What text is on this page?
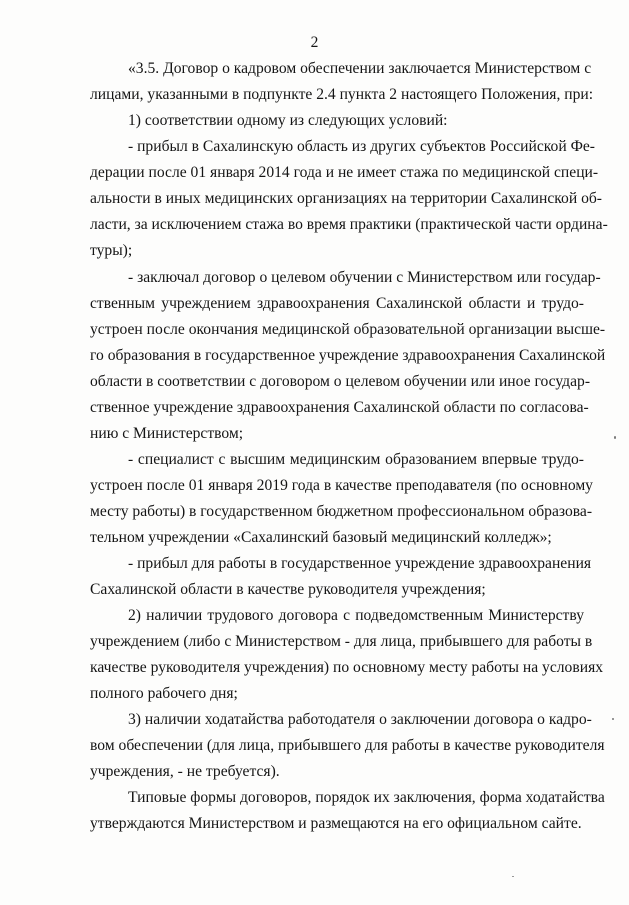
2
«3.5. Договор о кадровом обеспечении заключается Министерством с
лицами, указанными в подпункте 2.4 пункта 2 настоящего Положения, при:
1) соответствии одному из следующих условий:
- прибыл в Сахалинскую область из других субъектов Российской Фе-
дерации после 01 января 2014 года и не имеет стажа по медицинской специ-
альности в иных медицинских организациях на территории Сахалинской об-
ласти, за исключением стажа во время практики (практической части ордина-
туры);
- заключал договор о целевом обучении с Министерством или государ-
ственным учреждением здравоохранения Сахалинской области и трудо-
устроен после окончания медицинской образовательной организации высше-
го образования в государственное учреждение здравоохранения Сахалинской
области в соответствии с договором о целевом обучении или иное государ-
ственное учреждение здравоохранения Сахалинской области по согласова-
нию с Министерством;
- специалист с высшим медицинским образованием впервые трудо-
устроен после 01 января 2019 года в качестве преподавателя (по основному
месту работы) в государственном бюджетном профессиональном образова-
тельном учреждении «Сахалинский базовый медицинский колледж»;
- прибыл для работы в государственное учреждение здравоохранения
Сахалинской области в качестве руководителя учреждения;
2) наличии трудового договора с подведомственным Министерству
учреждением (либо с Министерством - для лица, прибывшего для работы в
качестве руководителя учреждения) по основному месту работы на условиях
полного рабочего дня;
3) наличии ходатайства работодателя о заключении договора о кадро-
вом обеспечении (для лица, прибывшего для работы в качестве руководителя
учреждения, - не требуется).
Типовые формы договоров, порядок их заключения, форма ходатайства
утверждаются Министерством и размещаются на его официальном сайте.
